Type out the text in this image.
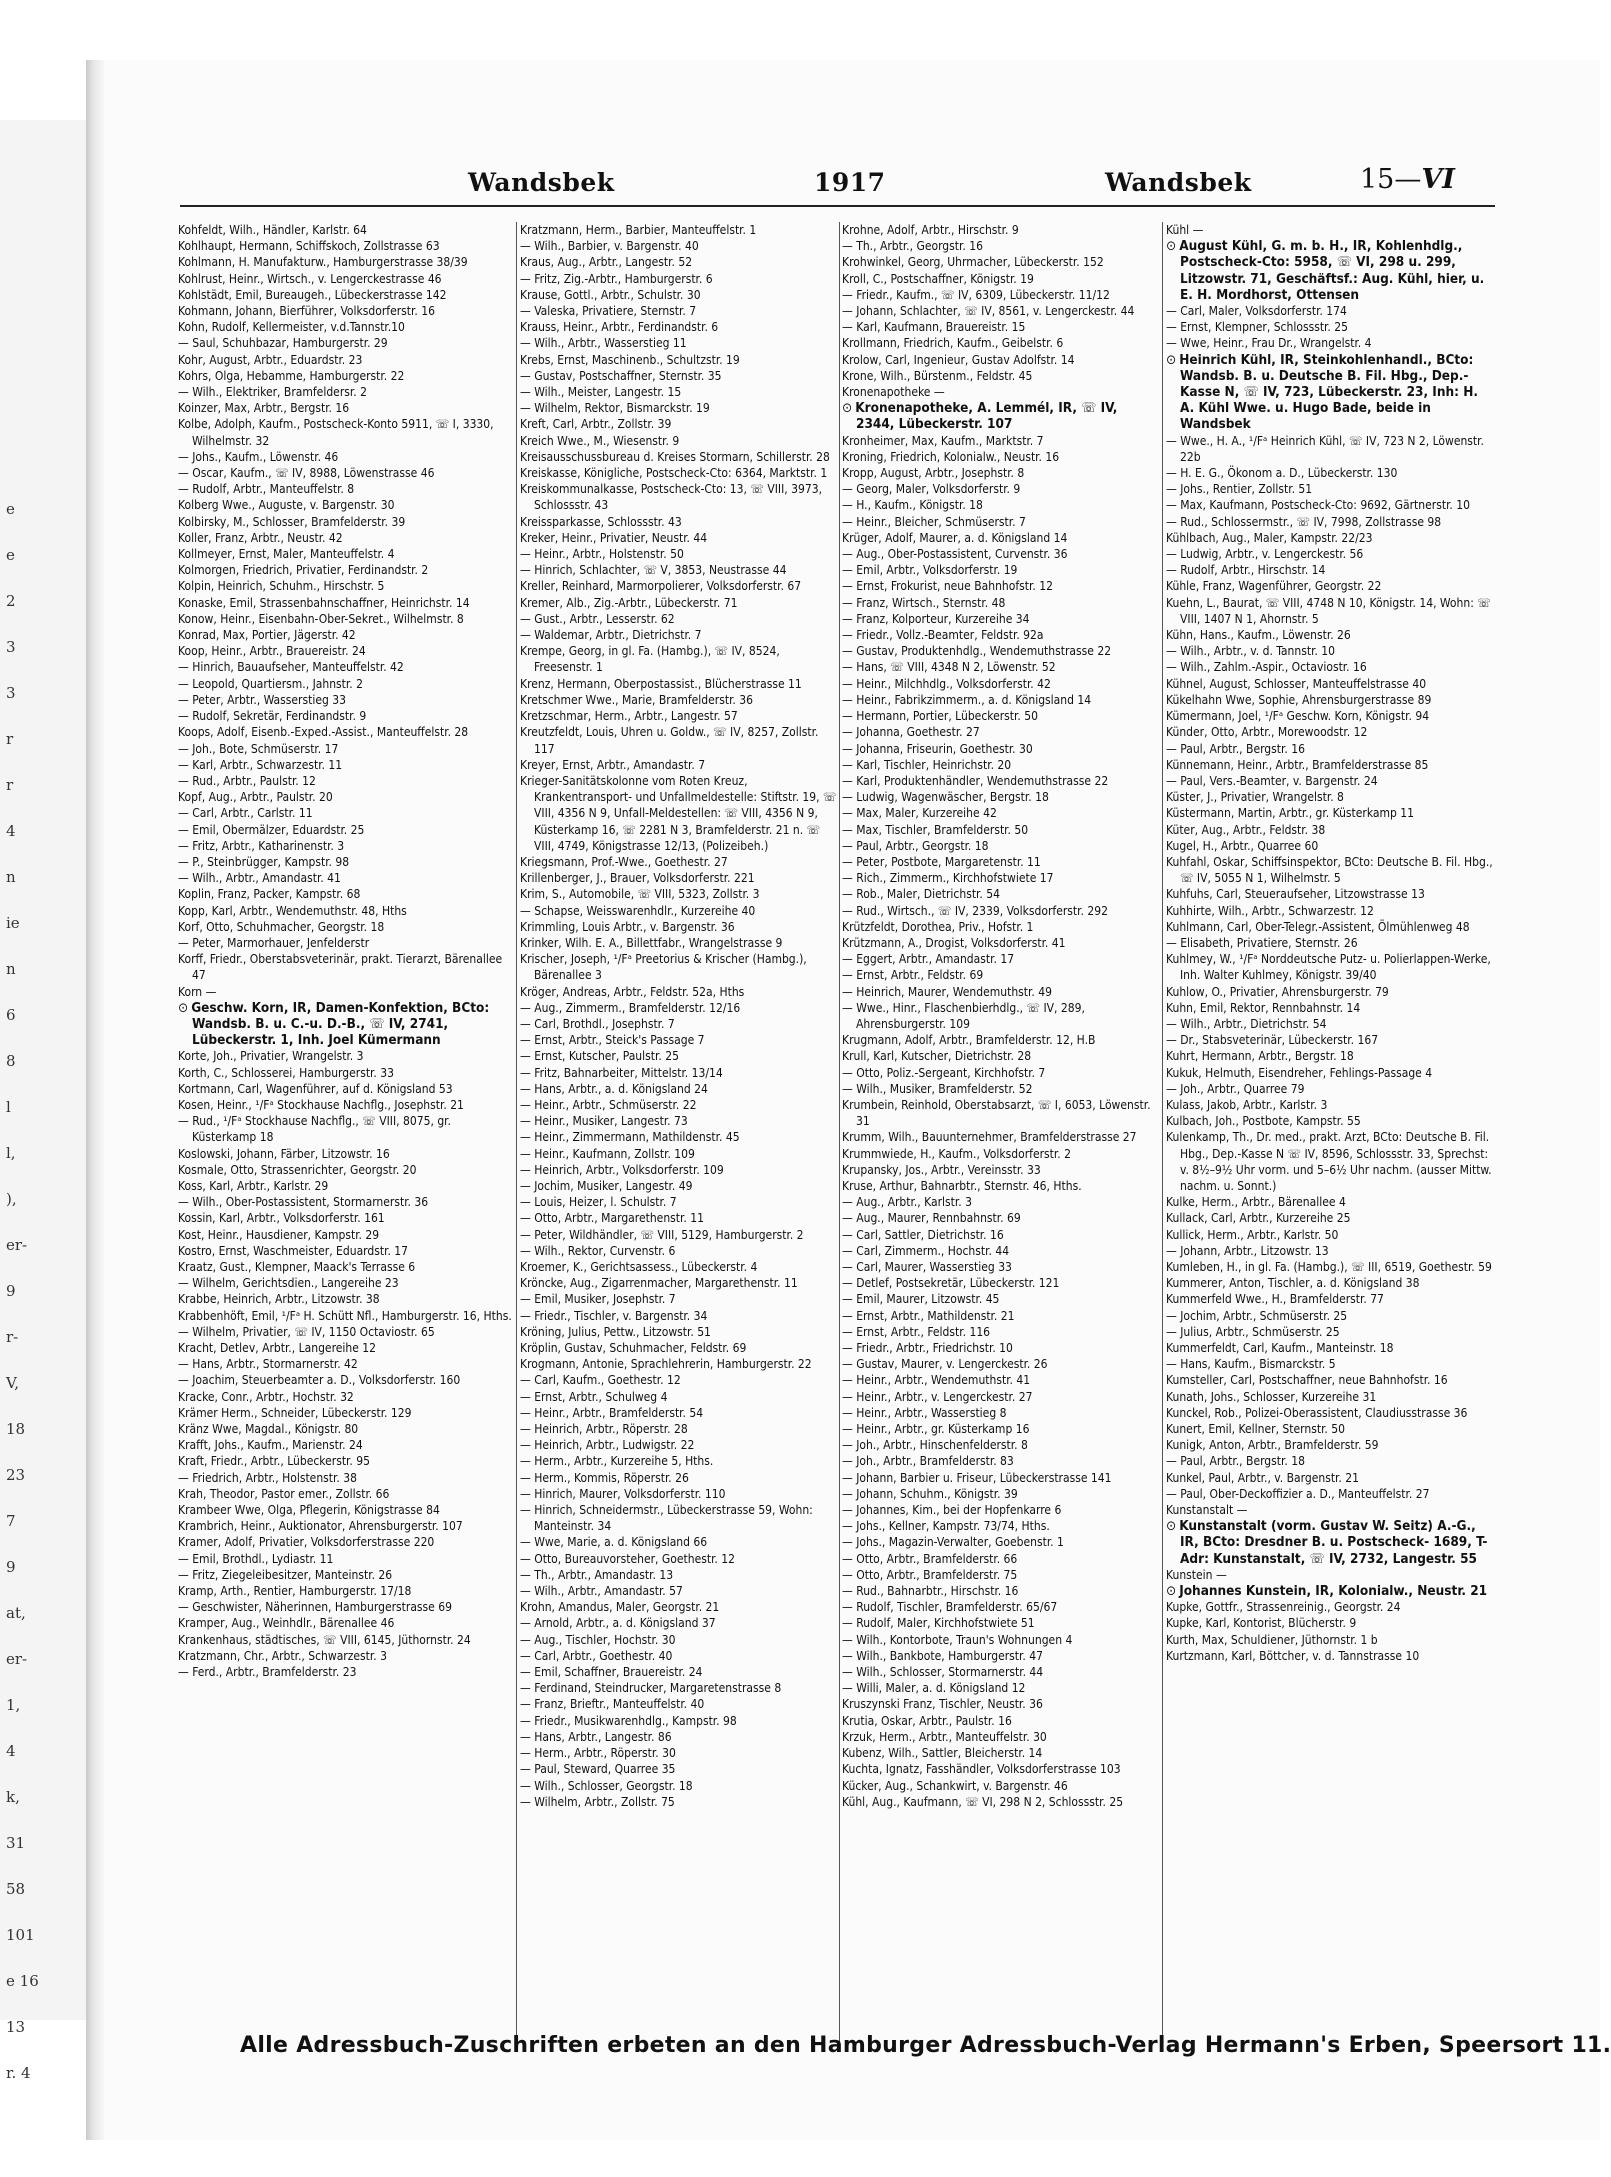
e
e
2
3
3
r
r
4
n
ie
n
6
8
l
l,
),
er-
9
r-
V,
18
23
7
9
at,
er-
1,
4
k,
31
58
101
e 16
13
r. 4
Wandsbek	1917	Wandsbek	15—VI

Kohfeldt, Wilh., Händler, Karlstr. 64

Kohlhaupt, Hermann, Schiffskoch, Zollstrasse 63

Kohlmann, H. Manufakturw., Hamburgerstrasse 38/39

Kohlrust, Heinr., Wirtsch., v. Lengerckestrasse 46

Kohlstädt, Emil, Bureaugeh., Lübeckerstrasse 142

Kohmann, Johann, Bierführer, Volksdorferstr. 16

Kohn, Rudolf, Kellermeister, v.d.Tannstr.10

— Saul, Schuhbazar, Hamburgerstr. 29

Kohr, August, Arbtr., Eduardstr. 23

Kohrs, Olga, Hebamme, Hamburgerstr. 22

— Wilh., Elektriker, Bramfeldersr. 2

Koinzer, Max, Arbtr., Bergstr. 16

Kolbe, Adolph, Kaufm., Postscheck-Konto 5911, ☏ I, 3330, Wilhelmstr. 32

— Johs., Kaufm., Löwenstr. 46

— Oscar, Kaufm., ☏ IV, 8988, Löwenstrasse 46

— Rudolf, Arbtr., Manteuffelstr. 8

Kolberg Wwe., Auguste, v. Bargenstr. 30

Kolbirsky, M., Schlosser, Bramfelderstr. 39

Koller, Franz, Arbtr., Neustr. 42

Kollmeyer, Ernst, Maler, Manteuffelstr. 4

Kolmorgen, Friedrich, Privatier, Ferdinandstr. 2

Kolpin, Heinrich, Schuhm., Hirschstr. 5

Konaske, Emil, Strassenbahnschaffner, Heinrichstr. 14

Konow, Heinr., Eisenbahn-Ober-Sekret., Wilhelmstr. 8

Konrad, Max, Portier, Jägerstr. 42

Koop, Heinr., Arbtr., Brauereistr. 24

— Hinrich, Bauaufseher, Manteuffelstr. 42

— Leopold, Quartiersm., Jahnstr. 2

— Peter, Arbtr., Wasserstieg 33

— Rudolf, Sekretär, Ferdinandstr. 9

Koops, Adolf, Eisenb.-Exped.-Assist., Manteuffelstr. 28

— Joh., Bote, Schmüserstr. 17

— Karl, Arbtr., Schwarzestr. 11

— Rud., Arbtr., Paulstr. 12

Kopf, Aug., Arbtr., Paulstr. 20

— Carl, Arbtr., Carlstr. 11

— Emil, Obermälzer, Eduardstr. 25

— Fritz, Arbtr., Katharinenstr. 3

— P., Steinbrügger, Kampstr. 98

— Wilh., Arbtr., Amandastr. 41

Koplin, Franz, Packer, Kampstr. 68

Kopp, Karl, Arbtr., Wendemuthstr. 48, Hths

Korf, Otto, Schuhmacher, Georgstr. 18

— Peter, Marmorhauer, Jenfelderstr

Korff, Friedr., Oberstabsveterinär, prakt. Tierarzt, Bärenallee 47

Korn —

⊙ Geschw. Korn, IR, Damen-Konfektion, BCto: Wandsb. B. u. C.-u. D.-B., ☏ IV, 2741, Lübeckerstr. 1, Inh. Joel Kümermann

Korte, Joh., Privatier, Wrangelstr. 3

Korth, C., Schlosserei, Hamburgerstr. 33

Kortmann, Carl, Wagenführer, auf d. Königsland 53

Kosen, Heinr., ¹/Fᵃ Stockhause Nachflg., Josephstr. 21

— Rud., ¹/Fᵃ Stockhause Nachflg., ☏ VIII, 8075, gr. Küsterkamp 18

Koslowski, Johann, Färber, Litzowstr. 16

Kosmale, Otto, Strassenrichter, Georgstr. 20

Koss, Karl, Arbtr., Karlstr. 29

— Wilh., Ober-Postassistent, Stormarnerstr. 36

Kossin, Karl, Arbtr., Volksdorferstr. 161

Kost, Heinr., Hausdiener, Kampstr. 29

Kostro, Ernst, Waschmeister, Eduardstr. 17

Kraatz, Gust., Klempner, Maack's Terrasse 6

— Wilhelm, Gerichtsdien., Langereihe 23

Krabbe, Heinrich, Arbtr., Litzowstr. 38

Krabbenhöft, Emil, ¹/Fᵃ H. Schütt Nfl., Hamburgerstr. 16, Hths.

— Wilhelm, Privatier, ☏ IV, 1150 Octaviostr. 65

Kracht, Detlev, Arbtr., Langereihe 12

— Hans, Arbtr., Stormarnerstr. 42

— Joachim, Steuerbeamter a. D., Volksdorferstr. 160

Kracke, Conr., Arbtr., Hochstr. 32

Krämer Herm., Schneider, Lübeckerstr. 129

Kränz Wwe, Magdal., Königstr. 80

Krafft, Johs., Kaufm., Marienstr. 24

Kraft, Friedr., Arbtr., Lübeckerstr. 95

— Friedrich, Arbtr., Holstenstr. 38

Krah, Theodor, Pastor emer., Zollstr. 66

Krambeer Wwe, Olga, Pflegerin, Königstrasse 84

Krambrich, Heinr., Auktionator, Ahrensburgerstr. 107

Kramer, Adolf, Privatier, Volksdorferstrasse 220

— Emil, Brothdl., Lydiastr. 11

— Fritz, Ziegeleibesitzer, Manteinstr. 26

Kramp, Arth., Rentier, Hamburgerstr. 17/18

— Geschwister, Näherinnen, Hamburgerstrasse 69

Kramper, Aug., Weinhdlr., Bärenallee 46

Krankenhaus, städtisches, ☏ VIII, 6145, Jüthornstr. 24

Kratzmann, Chr., Arbtr., Schwarzestr. 3

— Ferd., Arbtr., Bramfelderstr. 23

Kratzmann, Herm., Barbier, Manteuffelstr. 1

— Wilh., Barbier, v. Bargenstr. 40

Kraus, Aug., Arbtr., Langestr. 52

— Fritz, Zig.-Arbtr., Hamburgerstr. 6

Krause, Gottl., Arbtr., Schulstr. 30

— Valeska, Privatiere, Sternstr. 7

Krauss, Heinr., Arbtr., Ferdinandstr. 6

— Wilh., Arbtr., Wasserstieg 11

Krebs, Ernst, Maschinenb., Schultzstr. 19

— Gustav, Postschaffner, Sternstr. 35

— Wilh., Meister, Langestr. 15

— Wilhelm, Rektor, Bismarckstr. 19

Kreft, Carl, Arbtr., Zollstr. 39

Kreich Wwe., M., Wiesenstr. 9

Kreisausschussbureau d. Kreises Stormarn, Schillerstr. 28

Kreiskasse, Königliche, Postscheck-Cto: 6364, Marktstr. 1

Kreiskommunalkasse, Postscheck-Cto: 13, ☏ VIII, 3973, Schlossstr. 43

Kreissparkasse, Schlossstr. 43

Kreker, Heinr., Privatier, Neustr. 44

— Heinr., Arbtr., Holstenstr. 50

— Hinrich, Schlachter, ☏ V, 3853, Neustrasse 44

Kreller, Reinhard, Marmorpolierer, Volksdorferstr. 67

Kremer, Alb., Zig.-Arbtr., Lübeckerstr. 71

— Gust., Arbtr., Lesserstr. 62

— Waldemar, Arbtr., Dietrichstr. 7

Krempe, Georg, in gl. Fa. (Hambg.), ☏ IV, 8524, Freesenstr. 1

Krenz, Hermann, Oberpostassist., Blücherstrasse 11

Kretschmer Wwe., Marie, Bramfelderstr. 36

Kretzschmar, Herm., Arbtr., Langestr. 57

Kreutzfeldt, Louis, Uhren u. Goldw., ☏ IV, 8257, Zollstr. 117

Kreyer, Ernst, Arbtr., Amandastr. 7

Krieger-Sanitätskolonne vom Roten Kreuz, Krankentransport- und Unfallmeldestelle: Stiftstr. 19, ☏ VIII, 4356 N 9, Unfall-Meldestellen: ☏ VIII, 4356 N 9, Küsterkamp 16, ☏ 2281 N 3, Bramfelderstr. 21 n. ☏ VIII, 4749, Königstrasse 12/13, (Polizeibeh.)

Kriegsmann, Prof.-Wwe., Goethestr. 27

Krillenberger, J., Brauer, Volksdorferstr. 221

Krim, S., Automobile, ☏ VIII, 5323, Zollstr. 3

— Schapse, Weisswarenhdlr., Kurzereihe 40

Krimmling, Louis Arbtr., v. Bargenstr. 36

Krinker, Wilh. E. A., Billettfabr., Wrangelstrasse 9

Krischer, Joseph, ¹/Fᵃ Preetorius & Krischer (Hambg.), Bärenallee 3

Kröger, Andreas, Arbtr., Feldstr. 52a, Hths

— Aug., Zimmerm., Bramfelderstr. 12/16

— Carl, Brothdl., Josephstr. 7

— Ernst, Arbtr., Steick's Passage 7

— Ernst, Kutscher, Paulstr. 25

— Fritz, Bahnarbeiter, Mittelstr. 13/14

— Hans, Arbtr., a. d. Königsland 24

— Heinr., Arbtr., Schmüserstr. 22

— Heinr., Musiker, Langestr. 73

— Heinr., Zimmermann, Mathildenstr. 45

— Heinr., Kaufmann, Zollstr. 109

— Heinrich, Arbtr., Volksdorferstr. 109

— Jochim, Musiker, Langestr. 49

— Louis, Heizer, l. Schulstr. 7

— Otto, Arbtr., Margarethenstr. 11

— Peter, Wildhändler, ☏ VIII, 5129, Hamburgerstr. 2

— Wilh., Rektor, Curvenstr. 6

Kroemer, K., Gerichtsassess., Lübeckerstr. 4

Kröncke, Aug., Zigarrenmacher, Margarethenstr. 11

— Emil, Musiker, Josephstr. 7

— Friedr., Tischler, v. Bargenstr. 34

Kröning, Julius, Pettw., Litzowstr. 51

Kröplin, Gustav, Schuhmacher, Feldstr. 69

Krogmann, Antonie, Sprachlehrerin, Hamburgerstr. 22

— Carl, Kaufm., Goethestr. 12

— Ernst, Arbtr., Schulweg 4

— Heinr., Arbtr., Bramfelderstr. 54

— Heinrich, Arbtr., Röperstr. 28

— Heinrich, Arbtr., Ludwigstr. 22

— Herm., Arbtr., Kurzereihe 5, Hths.

— Herm., Kommis, Röperstr. 26

— Hinrich, Maurer, Volksdorferstr. 110

— Hinrich, Schneidermstr., Lübeckerstrasse 59, Wohn: Manteinstr. 34

— Wwe, Marie, a. d. Königsland 66

— Otto, Bureauvorsteher, Goethestr. 12

— Th., Arbtr., Amandastr. 13

— Wilh., Arbtr., Amandastr. 57

Krohn, Amandus, Maler, Georgstr. 21

— Arnold, Arbtr., a. d. Königsland 37

— Aug., Tischler, Hochstr. 30

— Carl, Arbtr., Goethestr. 40

— Emil, Schaffner, Brauereistr. 24

— Ferdinand, Steindrucker, Margaretenstrasse 8

— Franz, Brieftr., Manteuffelstr. 40

— Friedr., Musikwarenhdlg., Kampstr. 98

— Hans, Arbtr., Langestr. 86

— Herm., Arbtr., Röperstr. 30

— Paul, Steward, Quarree 35

— Wilh., Schlosser, Georgstr. 18

— Wilhelm, Arbtr., Zollstr. 75

Krohne, Adolf, Arbtr., Hirschstr. 9

— Th., Arbtr., Georgstr. 16

Krohwinkel, Georg, Uhrmacher, Lübeckerstr. 152

Kroll, C., Postschaffner, Königstr. 19

— Friedr., Kaufm., ☏ IV, 6309, Lübeckerstr. 11/12

— Johann, Schlachter, ☏ IV, 8561, v. Lengerckestr. 44

— Karl, Kaufmann, Brauereistr. 15

Krollmann, Friedrich, Kaufm., Geibelstr. 6

Krolow, Carl, Ingenieur, Gustav Adolfstr. 14

Krone, Wilh., Bürstenm., Feldstr. 45

Kronenapotheke —

⊙ Kronenapotheke, A. Lemmél, IR, ☏ IV, 2344, Lübeckerstr. 107

Kronheimer, Max, Kaufm., Marktstr. 7

Kroning, Friedrich, Kolonialw., Neustr. 16

Kropp, August, Arbtr., Josephstr. 8

— Georg, Maler, Volksdorferstr. 9

— H., Kaufm., Königstr. 18

— Heinr., Bleicher, Schmüserstr. 7

Krüger, Adolf, Maurer, a. d. Königsland 14

— Aug., Ober-Postassistent, Curvenstr. 36

— Emil, Arbtr., Volksdorferstr. 19

— Ernst, Frokurist, neue Bahnhofstr. 12

— Franz, Wirtsch., Sternstr. 48

— Franz, Kolporteur, Kurzereihe 34

— Friedr., Vollz.-Beamter, Feldstr. 92a

— Gustav, Produktenhdlg., Wendemuthstrasse 22

— Hans, ☏ VIII, 4348 N 2, Löwenstr. 52

— Heinr., Milchhdlg., Volksdorferstr. 42

— Heinr., Fabrikzimmerm., a. d. Königsland 14

— Hermann, Portier, Lübeckerstr. 50

— Johanna, Goethestr. 27

— Johanna, Friseurin, Goethestr. 30

— Karl, Tischler, Heinrichstr. 20

— Karl, Produktenhändler, Wendemuthstrasse 22

— Ludwig, Wagenwäscher, Bergstr. 18

— Max, Maler, Kurzereihe 42

— Max, Tischler, Bramfelderstr. 50

— Paul, Arbtr., Georgstr. 18

— Peter, Postbote, Margaretenstr. 11

— Rich., Zimmerm., Kirchhofstwiete 17

— Rob., Maler, Dietrichstr. 54

— Rud., Wirtsch., ☏ IV, 2339, Volksdorferstr. 292

Krützfeldt, Dorothea, Priv., Hofstr. 1

Krützmann, A., Drogist, Volksdorferstr. 41

— Eggert, Arbtr., Amandastr. 17

— Ernst, Arbtr., Feldstr. 69

— Heinrich, Maurer, Wendemuthstr. 49

— Wwe., Hinr., Flaschenbierhdlg., ☏ IV, 289, Ahrensburgerstr. 109

Krugmann, Adolf, Arbtr., Bramfelderstr. 12, H.B

Krull, Karl, Kutscher, Dietrichstr. 28

— Otto, Poliz.-Sergeant, Kirchhofstr. 7

— Wilh., Musiker, Bramfelderstr. 52

Krumbein, Reinhold, Oberstabsarzt, ☏ I, 6053, Löwenstr. 31

Krumm, Wilh., Bauunternehmer, Bramfelderstrasse 27

Krummwiede, H., Kaufm., Volksdorferstr. 2

Krupansky, Jos., Arbtr., Vereinsstr. 33

Kruse, Arthur, Bahnarbtr., Sternstr. 46, Hths.

— Aug., Arbtr., Karlstr. 3

— Aug., Maurer, Rennbahnstr. 69

— Carl, Sattler, Dietrichstr. 16

— Carl, Zimmerm., Hochstr. 44

— Carl, Maurer, Wasserstieg 33

— Detlef, Postsekretär, Lübeckerstr. 121

— Emil, Maurer, Litzowstr. 45

— Ernst, Arbtr., Mathildenstr. 21

— Ernst, Arbtr., Feldstr. 116

— Friedr., Arbtr., Friedrichstr. 10

— Gustav, Maurer, v. Lengerckestr. 26

— Heinr., Arbtr., Wendemuthstr. 41

— Heinr., Arbtr., v. Lengerckestr. 27

— Heinr., Arbtr., Wasserstieg 8

— Heinr., Arbtr., gr. Küsterkamp 16

— Joh., Arbtr., Hinschenfelderstr. 8

— Joh., Arbtr., Bramfelderstr. 83

— Johann, Barbier u. Friseur, Lübeckerstrasse 141

— Johann, Schuhm., Königstr. 39

— Johannes, Kim., bei der Hopfenkarre 6

— Johs., Kellner, Kampstr. 73/74, Hths.

— Johs., Magazin-Verwalter, Goebenstr. 1

— Otto, Arbtr., Bramfelderstr. 66

— Otto, Arbtr., Bramfelderstr. 75

— Rud., Bahnarbtr., Hirschstr. 16

— Rudolf, Tischler, Bramfelderstr. 65/67

— Rudolf, Maler, Kirchhofstwiete 51

— Wilh., Kontorbote, Traun's Wohnungen 4

— Wilh., Bankbote, Hamburgerstr. 47

— Wilh., Schlosser, Stormarnerstr. 44

— Willi, Maler, a. d. Königsland 12

Kruszynski Franz, Tischler, Neustr. 36

Krutia, Oskar, Arbtr., Paulstr. 16

Krzuk, Herm., Arbtr., Manteuffelstr. 30

Kubenz, Wilh., Sattler, Bleicherstr. 14

Kuchta, Ignatz, Fasshändler, Volksdorferstrasse 103

Kücker, Aug., Schankwirt, v. Bargenstr. 46

Kühl, Aug., Kaufmann, ☏ VI, 298 N 2, Schlossstr. 25

Kühl —

⊙ August Kühl, G. m. b. H., IR, Kohlenhdlg., Postscheck-Cto: 5958, ☏ VI, 298 u. 299, Litzowstr. 71, Geschäftsf.: Aug. Kühl, hier, u. E. H. Mordhorst, Ottensen

— Carl, Maler, Volksdorferstr. 174

— Ernst, Klempner, Schlossstr. 25

— Wwe, Heinr., Frau Dr., Wrangelstr. 4

⊙ Heinrich Kühl, IR, Steinkohlenhandl., BCto: Wandsb. B. u. Deutsche B. Fil. Hbg., Dep.-Kasse N, ☏ IV, 723, Lübeckerstr. 23, Inh: H. A. Kühl Wwe. u. Hugo Bade, beide in Wandsbek

— Wwe., H. A., ¹/Fᵃ Heinrich Kühl, ☏ IV, 723 N 2, Löwenstr. 22b

— H. E. G., Ökonom a. D., Lübeckerstr. 130

— Johs., Rentier, Zollstr. 51

— Max, Kaufmann, Postscheck-Cto: 9692, Gärtnerstr. 10

— Rud., Schlossermstr., ☏ IV, 7998, Zollstrasse 98

Kühlbach, Aug., Maler, Kampstr. 22/23

— Ludwig, Arbtr., v. Lengerckestr. 56

— Rudolf, Arbtr., Hirschstr. 14

Kühle, Franz, Wagenführer, Georgstr. 22

Kuehn, L., Baurat, ☏ VIII, 4748 N 10, Königstr. 14, Wohn: ☏ VIII, 1407 N 1, Ahornstr. 5

Kühn, Hans., Kaufm., Löwenstr. 26

— Wilh., Arbtr., v. d. Tannstr. 10

— Wilh., Zahlm.-Aspir., Octaviostr. 16

Kühnel, August, Schlosser, Manteuffelstrasse 40

Kükelhahn Wwe, Sophie, Ahrensburgerstrasse 89

Kümermann, Joel, ¹/Fᵃ Geschw. Korn, Königstr. 94

Künder, Otto, Arbtr., Morewoodstr. 12

— Paul, Arbtr., Bergstr. 16

Künnemann, Heinr., Arbtr., Bramfelderstrasse 85

— Paul, Vers.-Beamter, v. Bargenstr. 24

Küster, J., Privatier, Wrangelstr. 8

Küstermann, Martin, Arbtr., gr. Küsterkamp 11

Küter, Aug., Arbtr., Feldstr. 38

Kugel, H., Arbtr., Quarree 60

Kuhfahl, Oskar, Schiffsinspektor, BCto: Deutsche B. Fil. Hbg., ☏ IV, 5055 N 1, Wilhelmstr. 5

Kuhfuhs, Carl, Steueraufseher, Litzowstrasse 13

Kuhhirte, Wilh., Arbtr., Schwarzestr. 12

Kuhlmann, Carl, Ober-Telegr.-Assistent, Ölmühlenweg 48

— Elisabeth, Privatiere, Sternstr. 26

Kuhlmey, W., ¹/Fᵃ Norddeutsche Putz- u. Polierlappen-Werke, Inh. Walter Kuhlmey, Königstr. 39/40

Kuhlow, O., Privatier, Ahrensburgerstr. 79

Kuhn, Emil, Rektor, Rennbahnstr. 14

— Wilh., Arbtr., Dietrichstr. 54

— Dr., Stabsveterinär, Lübeckerstr. 167

Kuhrt, Hermann, Arbtr., Bergstr. 18

Kukuk, Helmuth, Eisendreher, Fehlings-Passage 4

— Joh., Arbtr., Quarree 79

Kulass, Jakob, Arbtr., Karlstr. 3

Kulbach, Joh., Postbote, Kampstr. 55

Kulenkamp, Th., Dr. med., prakt. Arzt, BCto: Deutsche B. Fil. Hbg., Dep.-Kasse N ☏ IV, 8596, Schlossstr. 33, Sprechst: v. 8½–9½ Uhr vorm. und 5–6½ Uhr nachm. (ausser Mittw. nachm. u. Sonnt.)

Kulke, Herm., Arbtr., Bärenallee 4

Kullack, Carl, Arbtr., Kurzereihe 25

Kullick, Herm., Arbtr., Karlstr. 50

— Johann, Arbtr., Litzowstr. 13

Kumleben, H., in gl. Fa. (Hambg.), ☏ III, 6519, Goethestr. 59

Kummerer, Anton, Tischler, a. d. Königsland 38

Kummerfeld Wwe., H., Bramfelderstr. 77

— Jochim, Arbtr., Schmüserstr. 25

— Julius, Arbtr., Schmüserstr. 25

Kummerfeldt, Carl, Kaufm., Manteinstr. 18

— Hans, Kaufm., Bismarckstr. 5

Kumsteller, Carl, Postschaffner, neue Bahnhofstr. 16

Kunath, Johs., Schlosser, Kurzereihe 31

Kunckel, Rob., Polizei-Oberassistent, Claudiusstrasse 36

Kunert, Emil, Kellner, Sternstr. 50

Kunigk, Anton, Arbtr., Bramfelderstr. 59

— Paul, Arbtr., Bergstr. 18

Kunkel, Paul, Arbtr., v. Bargenstr. 21

— Paul, Ober-Deckoffizier a. D., Manteuffelstr. 27

Kunstanstalt —

⊙ Kunstanstalt (vorm. Gustav W. Seitz) A.-G., IR, BCto: Dresdner B. u. Postscheck- 1689, T-Adr: Kunstanstalt, ☏ IV, 2732, Langestr. 55

Kunstein —

⊙ Johannes Kunstein, IR, Kolonialw., Neustr. 21

Kupke, Gottfr., Strassenreinig., Georgstr. 24

Kupke, Karl, Kontorist, Blücherstr. 9

Kurth, Max, Schuldiener, Jüthornstr. 1 b

Kurtzmann, Karl, Böttcher, v. d. Tannstrasse 10

Alle Adressbuch-Zuschriften erbeten an den Hamburger Adressbuch-Verlag Hermann's Erben, Speersort 11.
